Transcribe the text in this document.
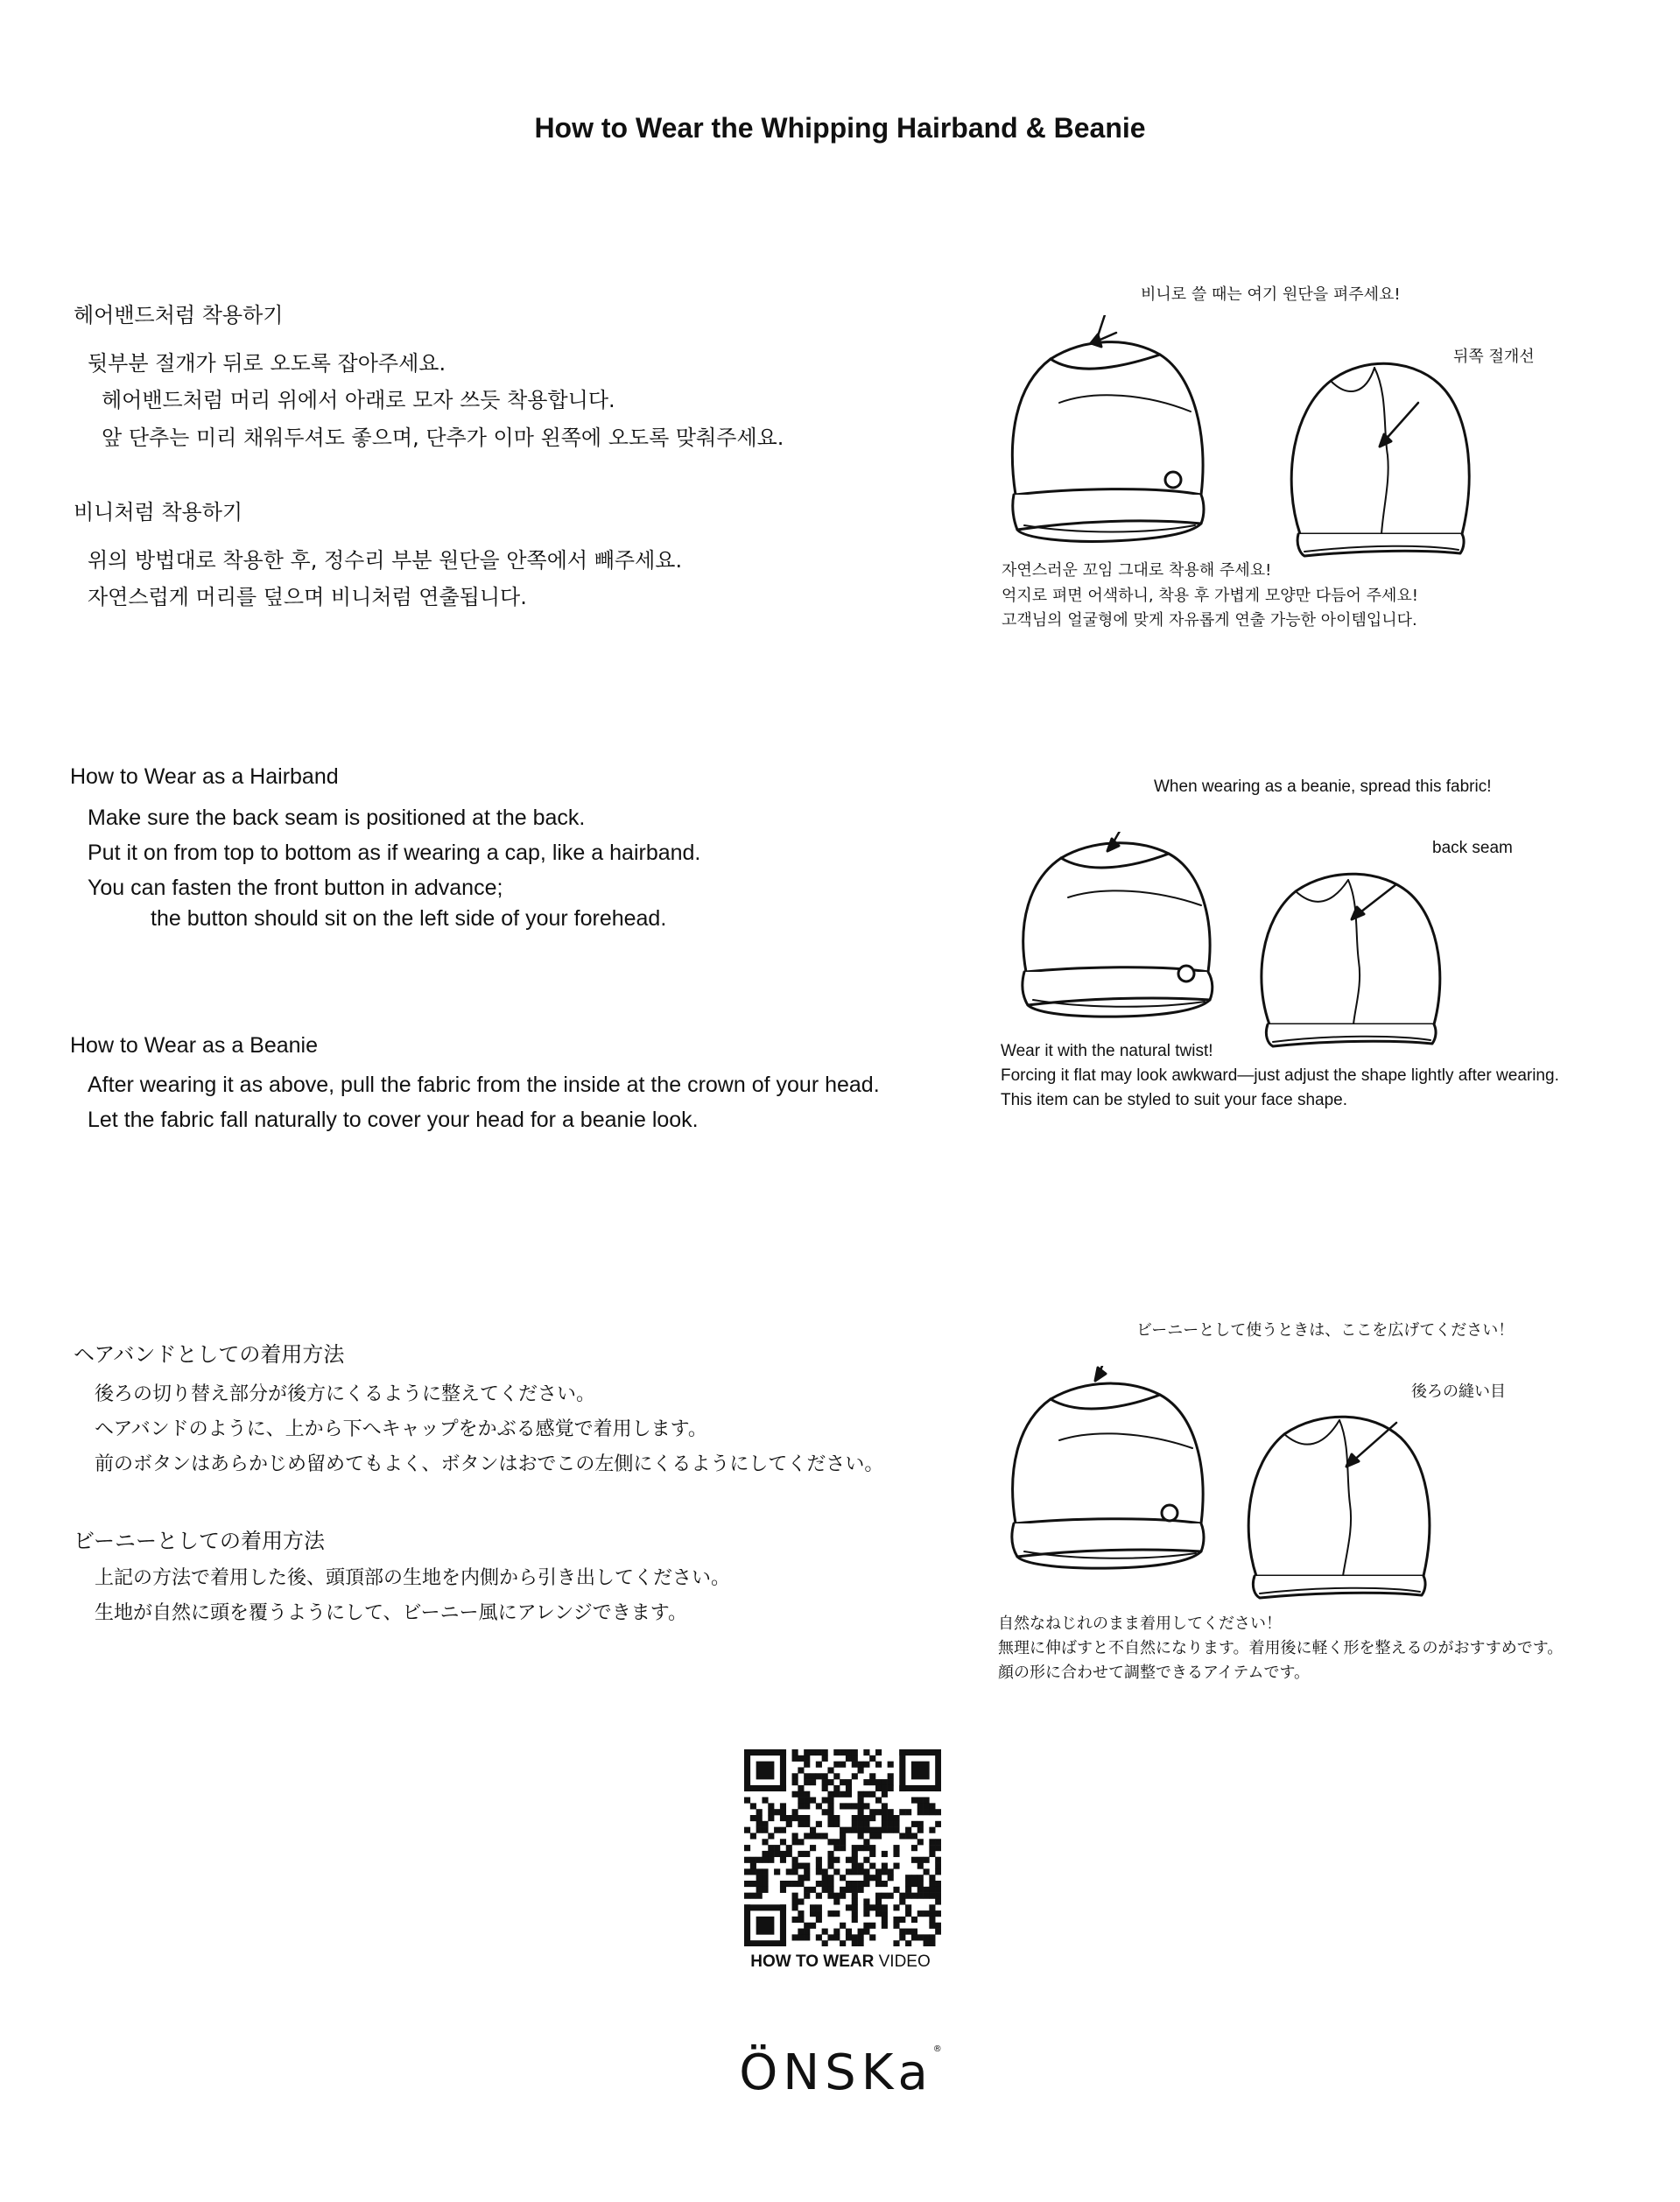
How to Wear the Whipping Hairband & Beanie
헤어밴드처럼 착용하기
뒷부분 절개가 뒤로 오도록 잡아주세요.
헤어밴드처럼 머리 위에서 아래로 모자 쓰듯 착용합니다.
앞 단추는 미리 채워두셔도 좋으며, 단추가 이마 왼쪽에 오도록 맞춰주세요.
비니처럼 착용하기
위의 방법대로 착용한 후, 정수리 부분 원단을 안쪽에서 빼주세요.
자연스럽게 머리를 덮으며 비니처럼 연출됩니다.
비니로 쓸 때는 여기 원단을 펴주세요!
뒤쪽 절개선
자연스러운 꼬임 그대로 착용해 주세요!
억지로 펴면 어색하니, 착용 후 가볍게 모양만 다듬어 주세요!
고객님의 얼굴형에 맞게 자유롭게 연출 가능한 아이템입니다.
How to Wear as a Hairband
Make sure the back seam is positioned at the back.
Put it on from top to bottom as if wearing a cap, like a hairband.
You can fasten the front button in advance;
the button should sit on the left side of your forehead.
How to Wear as a Beanie
After wearing it as above, pull the fabric from the inside at the crown of your head.
Let the fabric fall naturally to cover your head for a beanie look.
When wearing as a beanie, spread this fabric!
back seam
Wear it with the natural twist!
Forcing it flat may look awkward—just adjust the shape lightly after wearing.
This item can be styled to suit your face shape.
ヘアバンドとしての着用方法
後ろの切り替え部分が後方にくるように整えてください。
ヘアバンドのように、上から下へキャップをかぶる感覚で着用します。
前のボタンはあらかじめ留めてもよく、ボタンはおでこの左側にくるようにしてください。
ビーニーとしての着用方法
上記の方法で着用した後、頭頂部の生地を内側から引き出してください。
生地が自然に頭を覆うようにして、ビーニー風にアレンジできます。
ビーニーとして使うときは、ここを広げてください！
後ろの縫い目
自然なねじれのまま着用してください！
無理に伸ばすと不自然になります。着用後に軽く形を整えるのがおすすめです。
顔の形に合わせて調整できるアイテムです。
HOW TO WEAR VIDEO
ÖNSKa®
